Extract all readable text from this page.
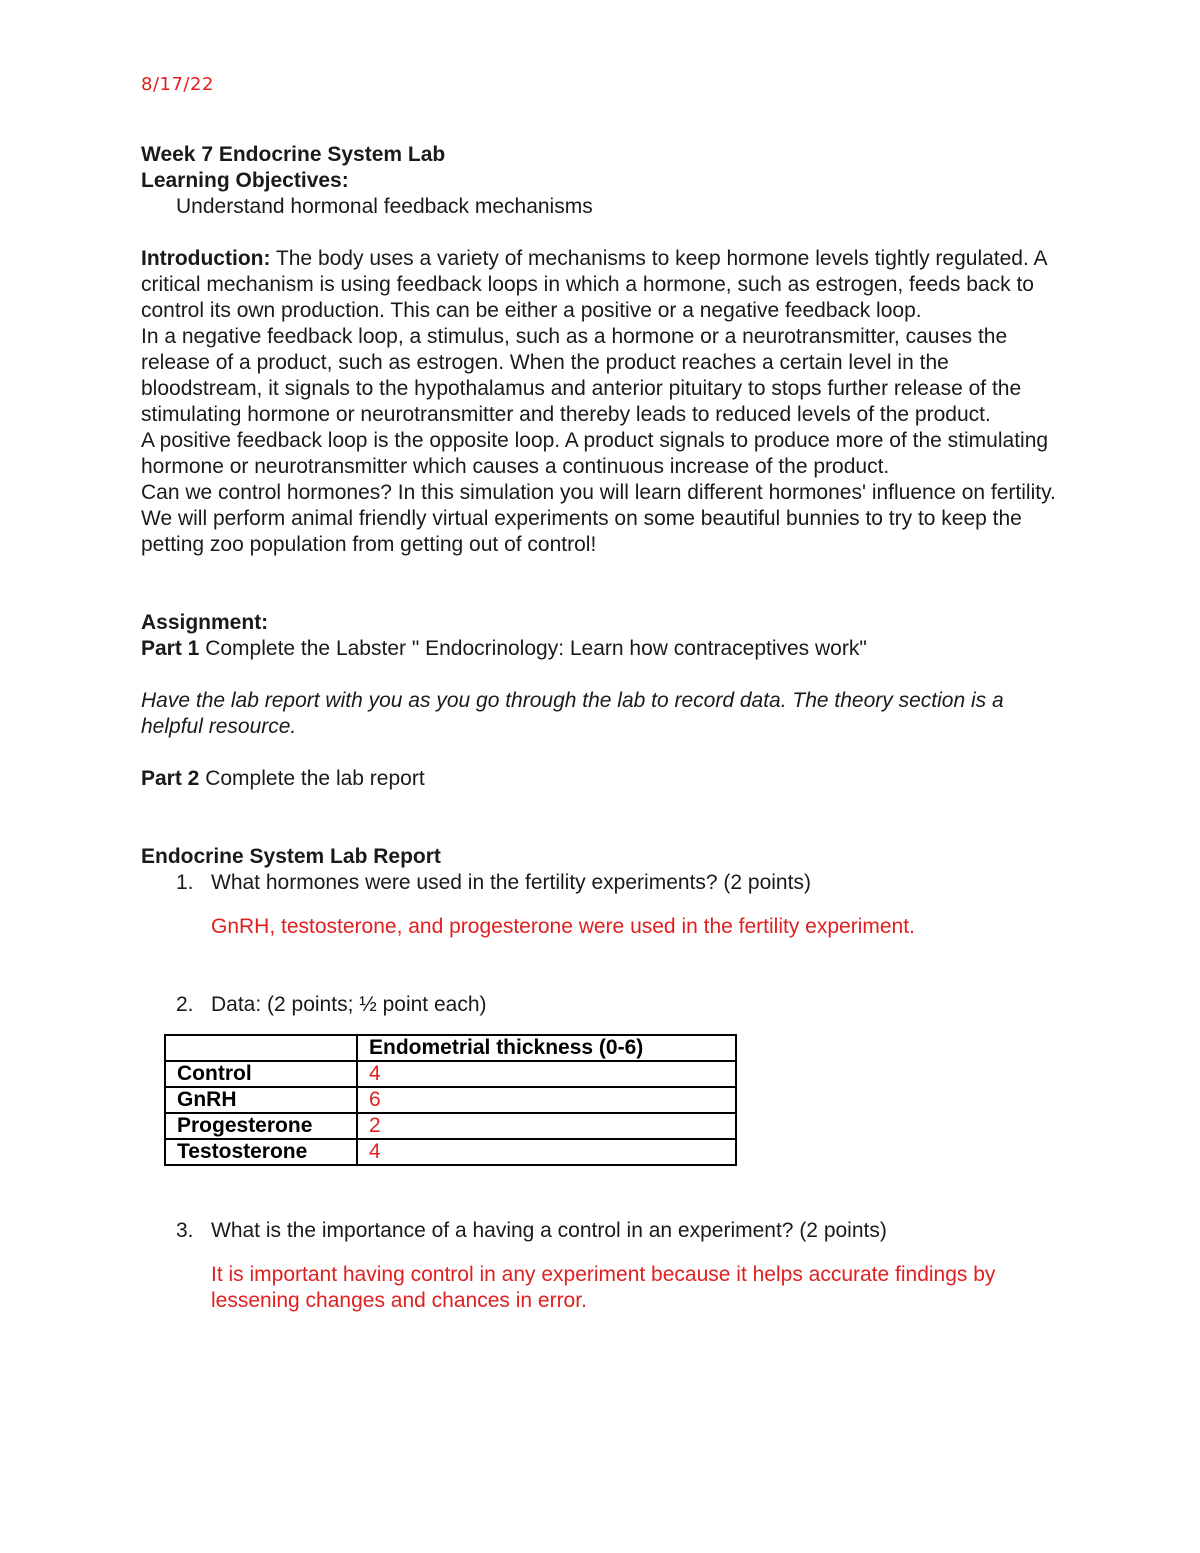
8/17/22

Week 7 Endocrine System Lab

Learning Objectives:

Understand hormonal feedback mechanisms

Introduction: The body uses a variety of mechanisms to keep hormone levels tightly regulated. A critical mechanism is using feedback loops in which a hormone, such as estrogen, feeds back to control its own production. This can be either a positive or a negative feedback loop.

In a negative feedback loop, a stimulus, such as a hormone or a neurotransmitter, causes the release of a product, such as estrogen. When the product reaches a certain level in the bloodstream, it signals to the hypothalamus and anterior pituitary to stops further release of the stimulating hormone or neurotransmitter and thereby leads to reduced levels of the product.

A positive feedback loop is the opposite loop. A product signals to produce more of the stimulating hormone or neurotransmitter which causes a continuous increase of the product.

Can we control hormones? In this simulation you will learn different hormones' influence on fertility. We will perform animal friendly virtual experiments on some beautiful bunnies to try to keep the petting zoo population from getting out of control!

Assignment:

Part 1 Complete the Labster " Endocrinology: Learn how contraceptives work"

Have the lab report with you as you go through the lab to record data. The theory section is a helpful resource.

Part 2 Complete the lab report

Endocrine System Lab Report

1. What hormones were used in the fertility experiments? (2 points)

GnRH, testosterone, and progesterone were used in the fertility experiment.

2. Data: (2 points; ½ point each)
	Endometrial thickness (0-6)
Control	4
GnRH	6
Progesterone	2
Testosterone	4
3. What is the importance of a having a control in an experiment? (2 points)

It is important having control in any experiment because it helps accurate findings by lessening changes and chances in error.
